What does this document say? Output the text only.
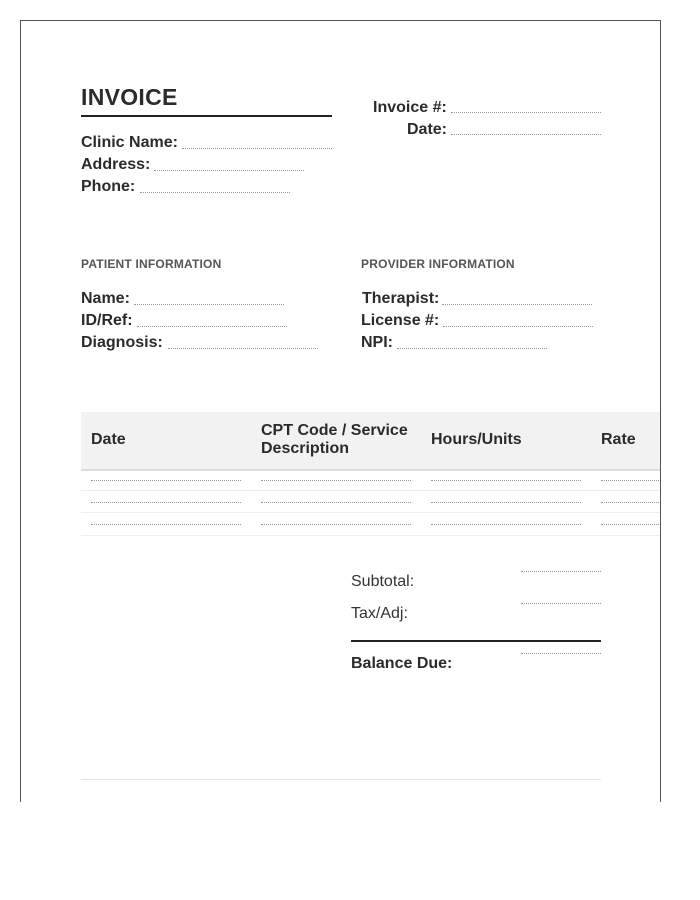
INVOICE
Clinic Name:
Address:
Phone:
Invoice #:
Date:
PATIENT INFORMATION
Name:
ID/Ref:
Diagnosis:
PROVIDER INFORMATION
Therapist:
License #:
NPI:
Date
CPT Code / Service Description
Hours/Units	Rate
Subtotal:
Tax/Adj:
Balance Due:
